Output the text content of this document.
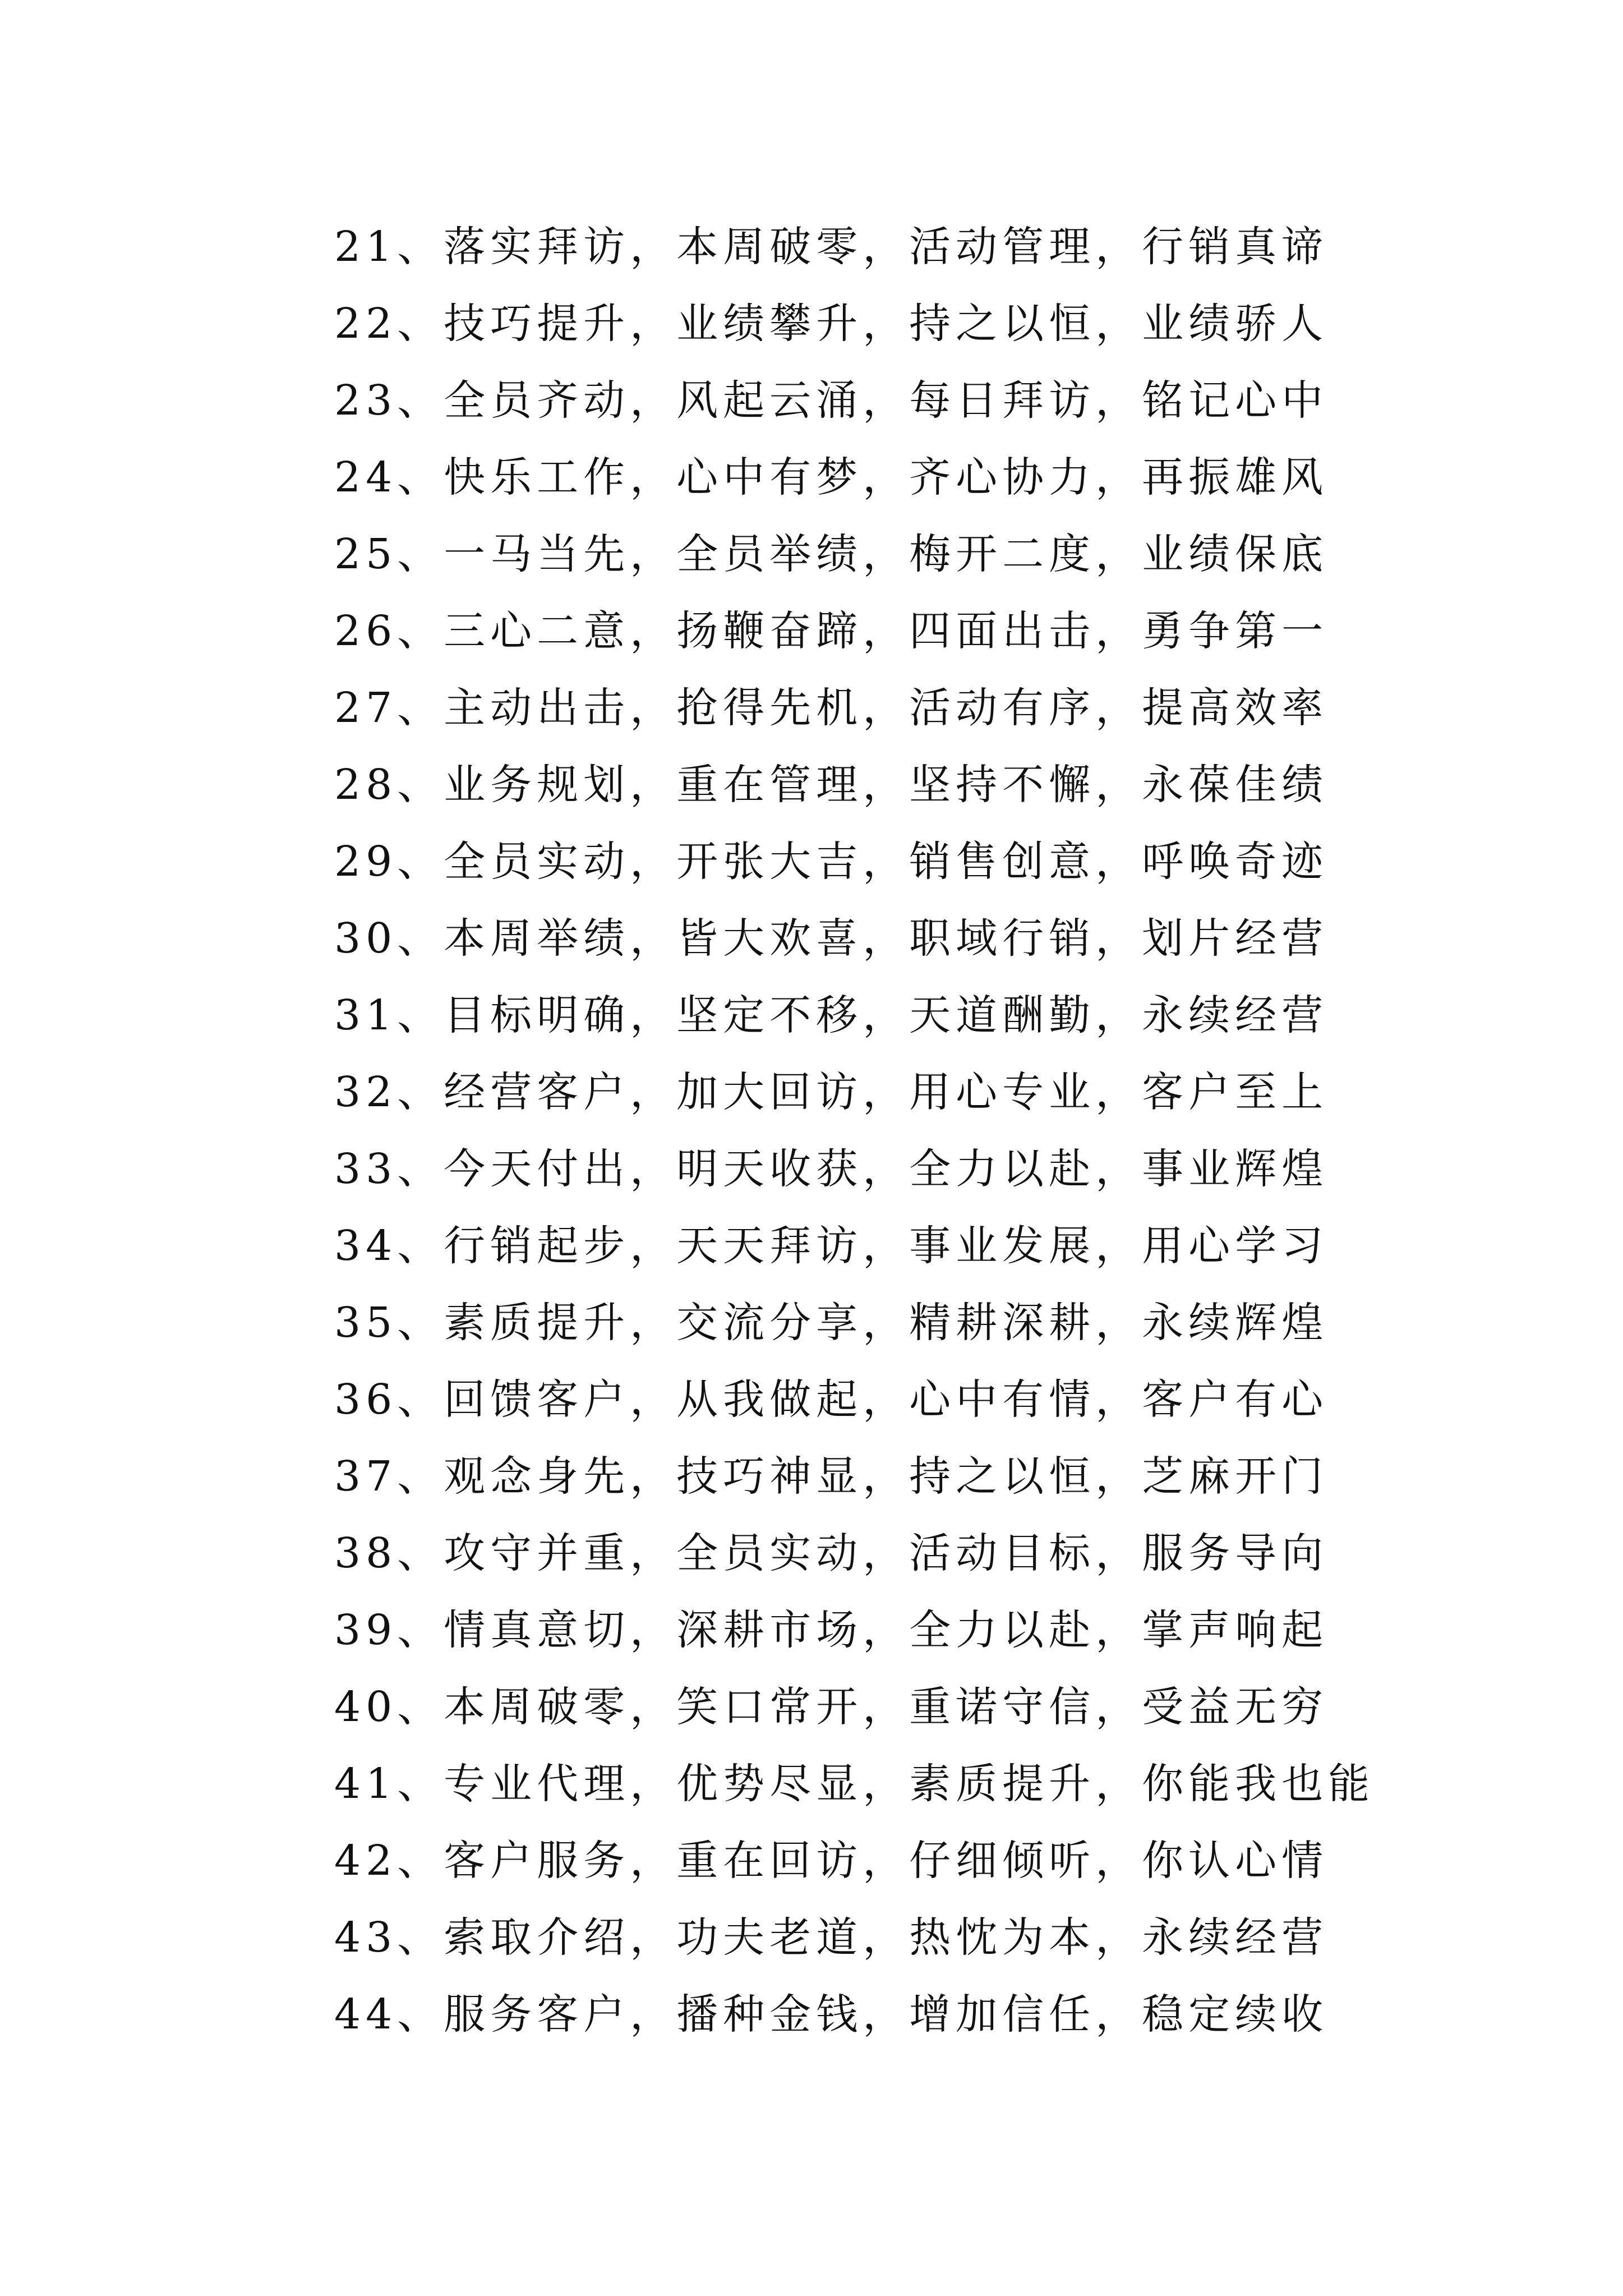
21、落实拜访，本周破零，活动管理，行销真谛
22、技巧提升，业绩攀升，持之以恒，业绩骄人
23、全员齐动，风起云涌，每日拜访，铭记心中
24、快乐工作，心中有梦，齐心协力，再振雄风
25、一马当先，全员举绩，梅开二度，业绩保底
26、三心二意，扬鞭奋蹄，四面出击，勇争第一
27、主动出击，抢得先机，活动有序，提高效率
28、业务规划，重在管理，坚持不懈，永葆佳绩
29、全员实动，开张大吉，销售创意，呼唤奇迹
30、本周举绩，皆大欢喜，职域行销，划片经营
31、目标明确，坚定不移，天道酬勤，永续经营
32、经营客户，加大回访，用心专业，客户至上
33、今天付出，明天收获，全力以赴，事业辉煌
34、行销起步，天天拜访，事业发展，用心学习
35、素质提升，交流分享，精耕深耕，永续辉煌
36、回馈客户，从我做起，心中有情，客户有心
37、观念身先，技巧神显，持之以恒，芝麻开门
38、攻守并重，全员实动，活动目标，服务导向
39、情真意切，深耕市场，全力以赴，掌声响起
40、本周破零，笑口常开，重诺守信，受益无穷
41、专业代理，优势尽显，素质提升，你能我也能
42、客户服务，重在回访，仔细倾听，你认心情
43、索取介绍，功夫老道，热忱为本，永续经营
44、服务客户，播种金钱，增加信任，稳定续收
